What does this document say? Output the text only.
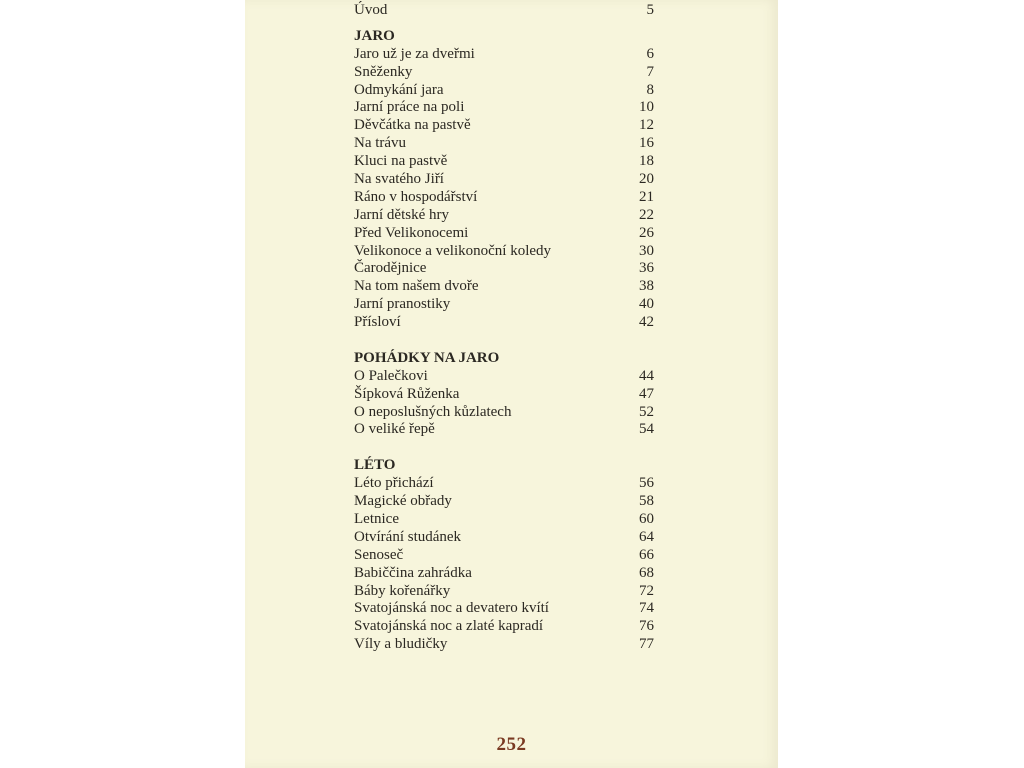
Úvod	5
JARO
Jaro už je za dveřmi	6
Sněženky	7
Odmykání jara	8
Jarní práce na poli	10
Děvčátka na pastvě	12
Na trávu	16
Kluci na pastvě	18
Na svatého Jiří	20
Ráno v hospodářství	21
Jarní dětské hry	22
Před Velikonocemi	26
Velikonoce a velikonoční koledy	30
Čarodějnice	36
Na tom našem dvoře	38
Jarní pranostiky	40
Přísloví	42
POHÁDKY NA JARO
O Palečkovi	44
Šípková Růženka	47
O neposlušných kůzlatech	52
O veliké řepě	54
LÉTO
Léto přichází	56
Magické obřady	58
Letnice	60
Otvírání studánek	64
Senoseč	66
Babiččina zahrádka	68
Báby kořenářky	72
Svatojánská noc a devatero kvítí	74
Svatojánská noc a zlaté kapradí	76
Víly a bludičky	77
252
